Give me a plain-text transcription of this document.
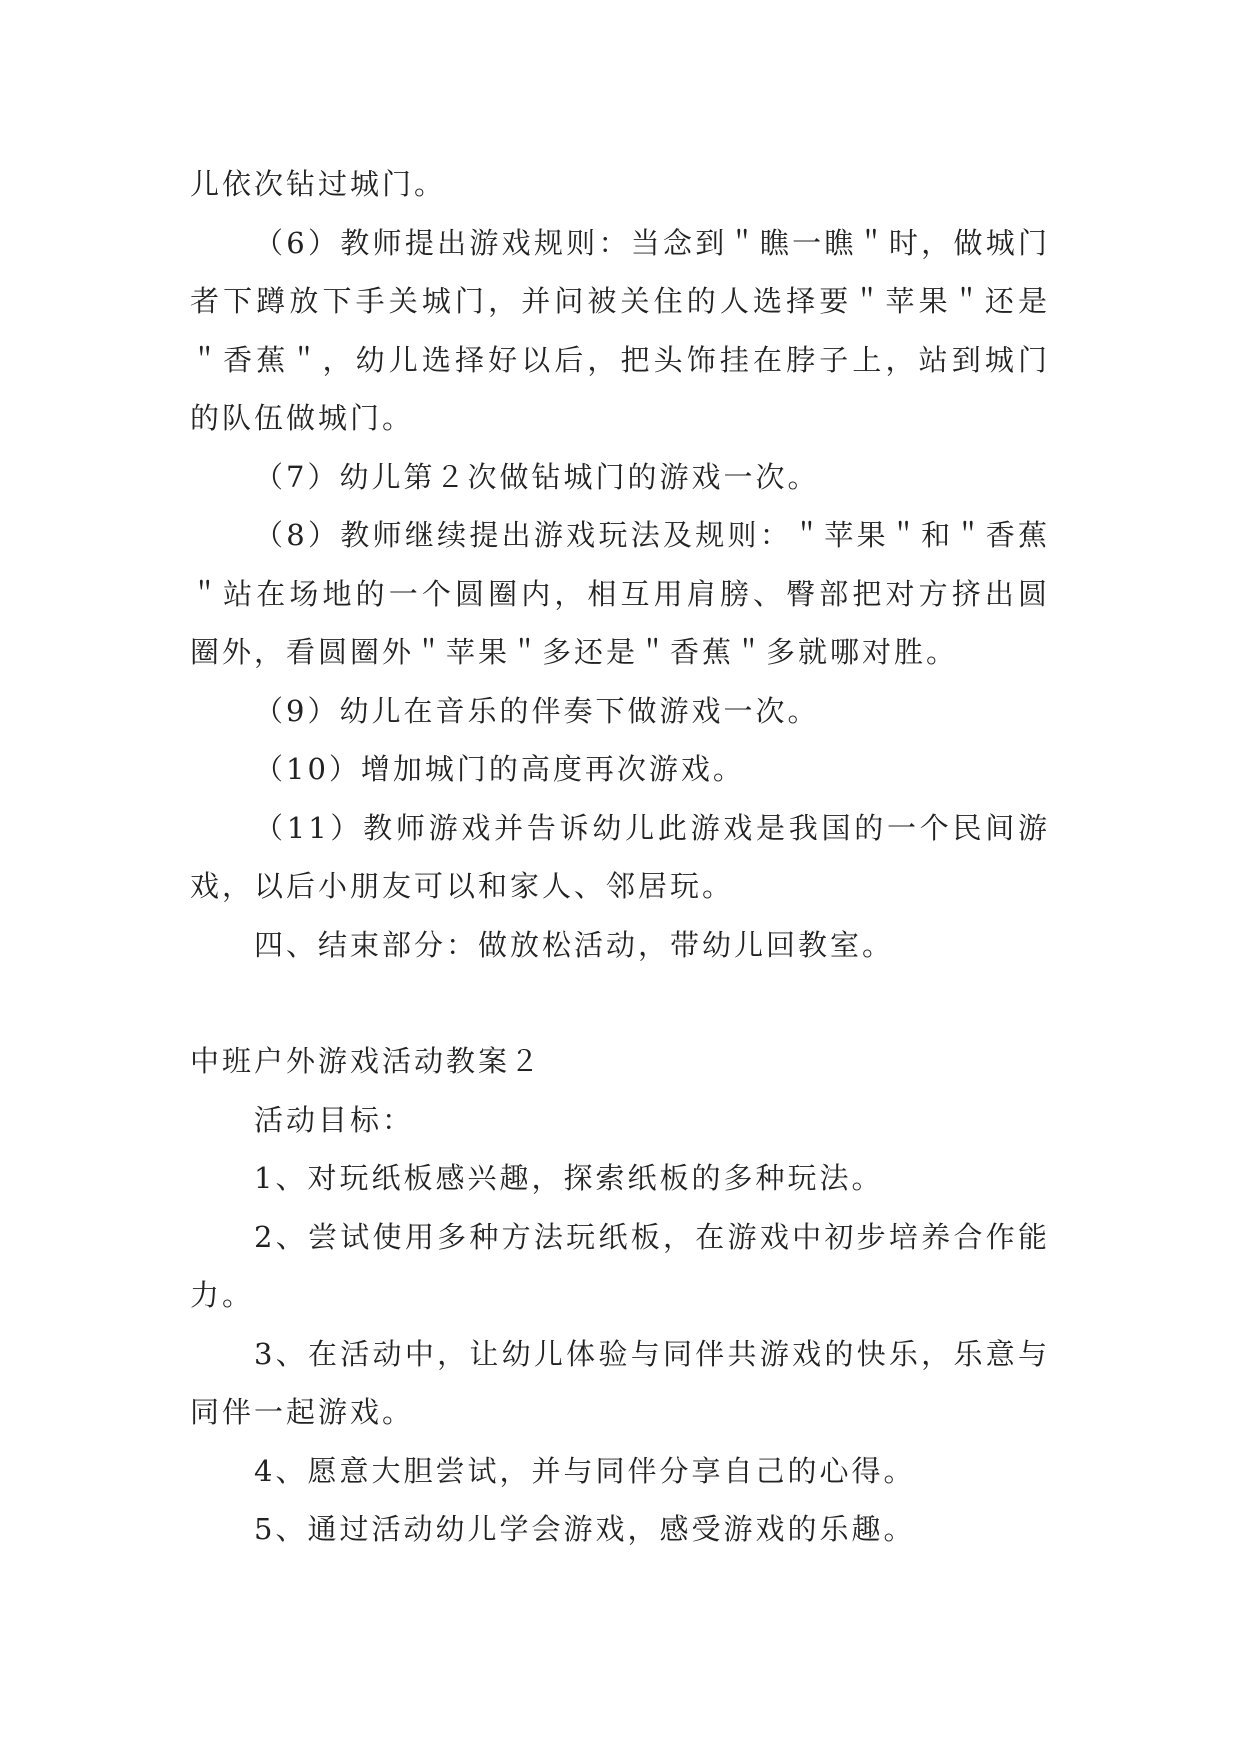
儿依次钻过城门。

（6）教师提出游戏规则：当念到＂瞧一瞧＂时，做城门者下蹲放下手关城门，并问被关住的人选择要＂苹果＂还是＂香蕉＂，幼儿选择好以后，把头饰挂在脖子上，站到城门的队伍做城门。

（7）幼儿第２次做钻城门的游戏一次。

（8）教师继续提出游戏玩法及规则：＂苹果＂和＂香蕉＂站在场地的一个圆圈内，相互用肩膀、臀部把对方挤出圆圈外，看圆圈外＂苹果＂多还是＂香蕉＂多就哪对胜。

（9）幼儿在音乐的伴奏下做游戏一次。

（10）增加城门的高度再次游戏。

（11）教师游戏并告诉幼儿此游戏是我国的一个民间游戏，以后小朋友可以和家人、邻居玩。

四、结束部分：做放松活动，带幼儿回教室。

中班户外游戏活动教案２

活动目标：

1、对玩纸板感兴趣，探索纸板的多种玩法。

2、尝试使用多种方法玩纸板，在游戏中初步培养合作能力。

3、在活动中，让幼儿体验与同伴共游戏的快乐，乐意与同伴一起游戏。

4、愿意大胆尝试，并与同伴分享自己的心得。

5、通过活动幼儿学会游戏，感受游戏的乐趣。
